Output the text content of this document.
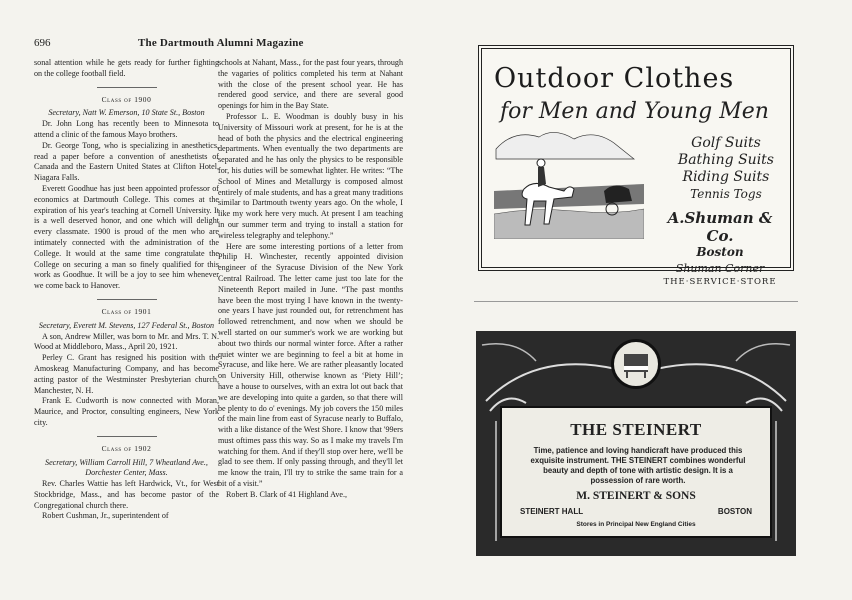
696	The Dartmouth Alumni Magazine

sonal attention while he gets ready for further fighting on the college football field.

Class of 1900

Secretary, Natt W. Emerson, 10 State St., Boston

Dr. John Long has recently been to Minnesota to attend a clinic of the famous Mayo brothers.

Dr. George Tong, who is specializing in anesthetics, read a paper before a convention of anesthetists of Canada and the Eastern United States at Clifton Hotel, Niagara Falls.

Everett Goodhue has just been appointed professor of economics at Dartmouth College. This comes at the expiration of his year's teaching at Cornell University. It is a well deserved honor, and one which will delight every classmate. 1900 is proud of the men who are intimately connected with the administration of the College. It would at the same time congratulate the College on securing a man so finely qualified for this work as Goodhue. It will be a joy to see him whenever we come back to Hanover.

Class of 1901

Secretary, Everett M. Stevens, 127 Federal St., Boston

A son, Andrew Miller, was born to Mr. and Mrs. T. N. Wood at Middleboro, Mass., April 20, 1921.

Perley C. Grant has resigned his position with the Amoskeag Manufacturing Company, and has become acting pastor of the Westminster Presbyterian church, Manchester, N. H.

Frank E. Cudworth is now connected with Moran, Maurice, and Proctor, consulting engineers, New York city.

Class of 1902

Secretary, William Carroll Hill, 7 Wheatland Ave., Dorchester Center, Mass.

Rev. Charles Wattie has left Hardwick, Vt., for West Stockbridge, Mass., and has become pastor of the Congregational church there.

Robert Cushman, Jr., superintendent of

schools at Nahant, Mass., for the past four years, through the vagaries of politics completed his term at Nahant with the close of the present school year. He has rendered good service, and there are several good openings for him in the Bay State.

Professor L. E. Woodman is doubly busy in his University of Missouri work at present, for he is at the head of both the physics and the electrical engineering departments. When eventually the two departments are separated and he has only the physics to be responsible for, his duties will be somewhat lighter. He writes: “The School of Mines and Metallurgy is composed almost entirely of male students, and has a great many traditions similar to Dartmouth twenty years ago. On the whole, I like my work here very much. At present I am teaching in our summer term and trying to install a station for wireless telegraphy and telephony.”

Here are some interesting portions of a letter from Philip H. Winchester, recently appointed division engineer of the Syracuse Division of the New York Central Railroad. The letter came just too late for the Nineteenth Report mailed in June. “The past months have been the most trying I have known in the twenty-one years I have just rounded out, for retrenchment has followed retrenchment, and now when we should be well started on our summer's work we are working but about two thirds our normal winter force. After a rather quiet winter we are beginning to feel a bit at home in Syracuse, and like here. We are rather pleasantly located on University Hill, otherwise known as ‘Piety Hill’; have a house to ourselves, with an extra lot out back that we are developing into quite a garden, so that there will be plenty to do o' evenings. My job covers the 150 miles of the main line from east of Syracuse nearly to Buffalo, with a like distance of the West Shore. I know that '99ers must oftimes pass this way. So as I make my travels I'm watching for them. And if they'll stop over here, we'll be glad to see them. If only passing through, and they'll let me know the train, I'll try to strike the same train for a bit of a visit.”

Robert B. Clark of 41 Highland Ave.,

Outdoor Clothes
for Men and Young Men
Golf Suits
Bathing Suits
Riding Suits
Tennis Togs
A.Shuman & Co.
Boston
Shuman Corner
THE·SERVICE·STORE
THE STEINERT
Time, patience and loving handicraft have produced this exquisite instrument. THE STEINERT combines wonderful beauty and depth of tone with artistic design. It is a possession of rare worth.
M. STEINERT & SONS
STEINERT HALL	BOSTON
Stores in Principal New England Cities
